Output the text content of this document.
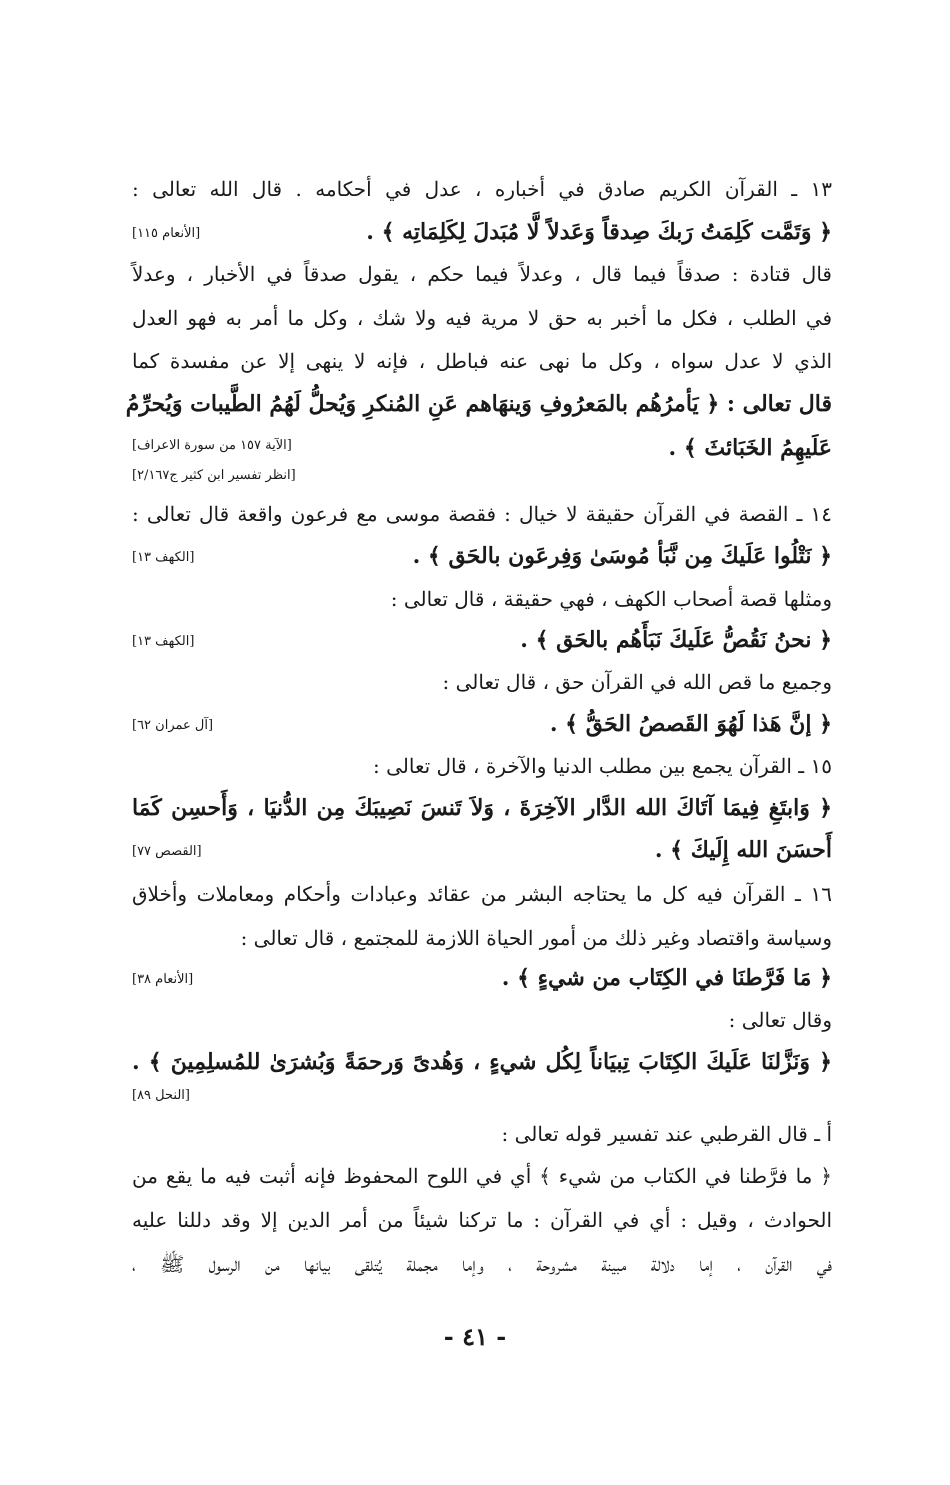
١٣ ـ القرآن الكريم صادق في أخباره ، عدل في أحكامه . قال الله تعالى :
﴿ وَتَمَّت كَلِمَتُ رَبكَ صِدقاً وَعَدلاً لَّا مُبَدلَ لِكَلِمَاتِه ﴾ .
[الأنعام ١١٥]
قال قتادة : صدقاً فيما قال ، وعدلاً فيما حكم ، يقول صدقاً في الأخبار ، وعدلاً
في الطلب ، فكل ما أخبر به حق لا مرية فيه ولا شك ، وكل ما أمر به فهو العدل
الذي لا عدل سواه ، وكل ما نهى عنه فباطل ، فإنه لا ينهى إلا عن مفسدة كما
قال تعالى : ﴿ يَأمرُهُم بالمَعرُوفِ وَينهَاهم عَنِ المُنكرِ وَيُحلُّ لَهُمُ الطَّيبات وَيُحرِّمُ
عَلَيهِمُ الخَبَائثَ ﴾ .
[الآية ١٥٧ من سورة الاعراف]
[انظر تفسير ابن كثير ج٢/١٦٧]
١٤ ـ القصة في القرآن حقيقة لا خيال : فقصة موسى مع فرعون واقعة قال تعالى :
﴿ نَتْلُوا عَلَيكَ مِن نَّبَأ مُوسَىٰ وَفِرعَون بالحَق ﴾ .
[الكهف ١٣]
ومثلها قصة أصحاب الكهف ، فهي حقيقة ، قال تعالى :
﴿ نحنُ نَقُصُّ عَلَيكَ نَبَأَهُم بالحَق ﴾ .
[الكهف ١٣]
وجميع ما قص الله في القرآن حق ، قال تعالى :
﴿ إنَّ هَذا لَهُوَ القَصصُ الحَقُّ ﴾ .
[آل عمران ٦٢]
١٥ ـ القرآن يجمع بين مطلب الدنيا والآخرة ، قال تعالى :
﴿ وَابتَغِ فِيمَا آتَاكَ الله الدَّار الآخِرَةَ ، وَلاَ تَنسَ نَصِيبَكَ مِن الدُّنيَا ، وَأَحسِن كَمَا
أَحسَنَ الله إِلَيكَ ﴾ .
[القصص ٧٧]
١٦ ـ القرآن فيه كل ما يحتاجه البشر من عقائد وعبادات وأحكام ومعاملات وأخلاق
وسياسة واقتصاد وغير ذلك من أمور الحياة اللازمة للمجتمع ، قال تعالى :
﴿ مَا فَرَّطنَا في الكِتَاب من شيءٍ ﴾ .
[الأنعام ٣٨]
وقال تعالى :
﴿ وَنَزَّلنَا عَلَيكَ الكِتَابَ تِبيَاناً لِكُل شيءٍ ، وَهُدىً وَرحمَةً وَبُشرَىٰ للمُسلِمِينَ ﴾ .
[النحل ٨٩]
أ ـ قال القرطبي عند تفسير قوله تعالى :
﴿ ما فرَّطنا في الكتاب من شيء ﴾ أي في اللوح المحفوظ فإنه أثبت فيه ما يقع من
الحوادث ، وقيل : أي في القرآن : ما تركنا شيئاً من أمر الدين إلا وقد دللنا عليه
في القرآن ، إما دلالة مبينة مشروحة ، وإما مجملة يُتلقى بيانها من الرسول ﷺ ،
- ٤١ -
